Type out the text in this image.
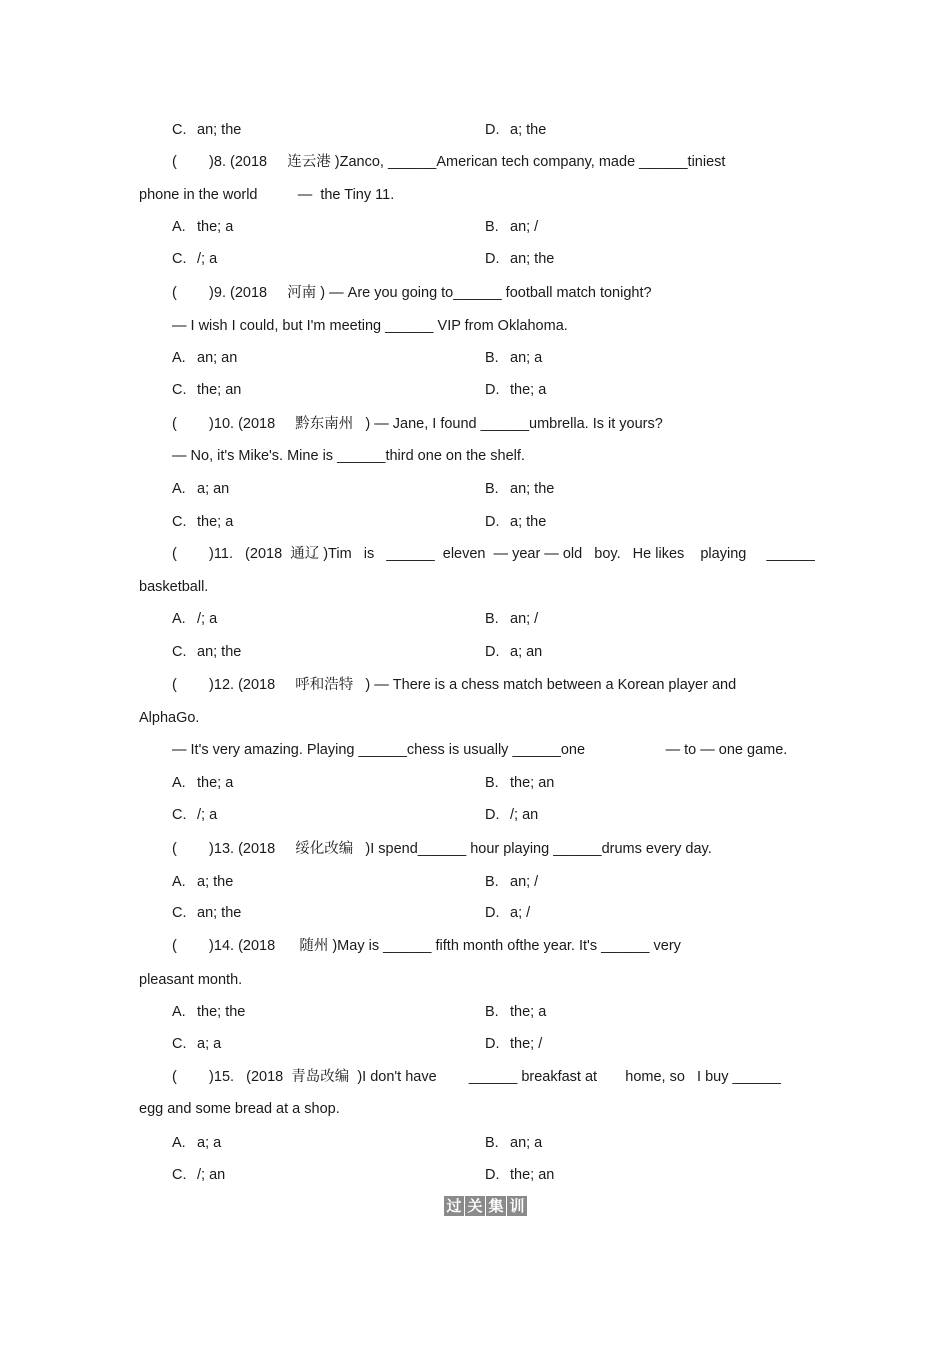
C. an; the	D. a; the
(        )8. (2018     连云港 )Zanco, ______American tech company, made ______tiniest
phone in the world          —  the Tiny 11.
A. the; a	B. an; /
C. /; a	D. an; the
(        )9. (2018     河南 ) — Are you going to______ football match tonight?
— I wish I could, but I'm meeting ______ VIP from Oklahoma.
A. an; an	B. an; a
C. the; an	D. the; a
(        )10. (2018     黔东南州   ) — Jane, I found ______umbrella. Is it yours?
— No, it's Mike's. Mine is ______third one on the shelf.
A. a; an	B. an; the
C. the; a	D. a; the
(        )11.   (2018  通辽 )Tim   is   ______  eleven  — year — old   boy.   He likes    playing     ______
basketball.
A. /; a	B. an; /
C. an; the	D. a; an
(        )12. (2018     呼和浩特   ) — There is a chess match between a Korean player and
AlphaGo.
— It's very amazing. Playing ______chess is usually ______one                    — to — one game.
A. the; a	B. the; an
C. /; a	D. /; an
(        )13. (2018     绥化改编   )I spend______ hour playing ______drums every day.
A. a; the	B. an; /
C. an; the	D. a; /
(        )14. (2018      随州 )May is ______ fifth month ofthe year. It's ______ very
pleasant month.
A. the; the	B. the; a
C. a; a	D. the; /
(        )15.   (2018  青岛改编  )I don't have        ______ breakfast at       home, so   I buy ______
egg and some bread at a shop.
A. a; a	B. an; a
C. /; an	D. the; an
过 关 集 训
